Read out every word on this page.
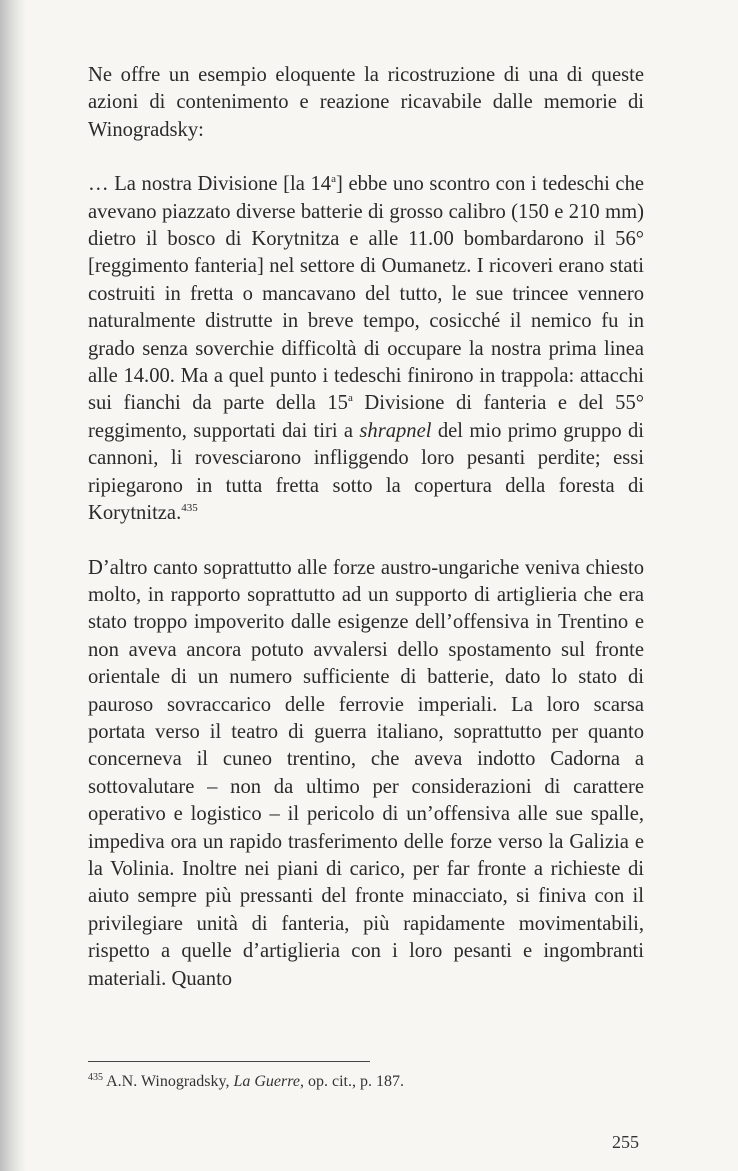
Ne offre un esempio eloquente la ricostruzione di una di queste azioni di contenimento e reazione ricavabile dalle memorie di Winogradsky:

… La nostra Divisione [la 14$^a$] ebbe uno scontro con i tedeschi che avevano piazzato diverse batterie di grosso calibro (150 e 210 mm) dietro il bosco di Korytnitza e alle 11.00 bombardarono il 56° [reggimento fanteria] nel settore di Oumanetz. I ricoveri erano stati costruiti in fretta o mancavano del tutto, le sue trincee vennero naturalmente distrutte in breve tempo, cosicché il nemico fu in grado senza soverchie difficoltà di occupare la nostra prima linea alle 14.00. Ma a quel punto i tedeschi finirono in trappola: attacchi sui fianchi da parte della 15$^a$ Divisione di fanteria e del 55° reggimento, supportati dai tiri a shrapnel del mio primo gruppo di cannoni, li rovesciarono infliggendo loro pesanti perdite; essi ripiegarono in tutta fretta sotto la copertura della foresta di Korytnitza.$^{435}$

D’altro canto soprattutto alle forze austro-ungariche veniva chiesto molto, in rapporto soprattutto ad un supporto di artiglieria che era stato troppo impoverito dalle esigenze dell’offensiva in Trentino e non aveva ancora potuto avvalersi dello spostamento sul fronte orientale di un numero sufficiente di batterie, dato lo stato di pauroso sovraccarico delle ferrovie imperiali. La loro scarsa portata verso il teatro di guerra italiano, soprattutto per quanto concerneva il cuneo trentino, che aveva indotto Cadorna a sottovalutare – non da ultimo per considerazioni di carattere operativo e logistico – il pericolo di un’offensiva alle sue spalle, impediva ora un rapido trasferimento delle forze verso la Galizia e la Volinia. Inoltre nei piani di carico, per far fronte a richieste di aiuto sempre più pressanti del fronte minacciato, si finiva con il privilegiare unità di fanteria, più rapidamente movimentabili, rispetto a quelle d’artiglieria con i loro pesanti e ingombranti materiali. Quanto

$^{435}$ A.N. Winogradsky, La Guerre, op. cit., p. 187.
255
